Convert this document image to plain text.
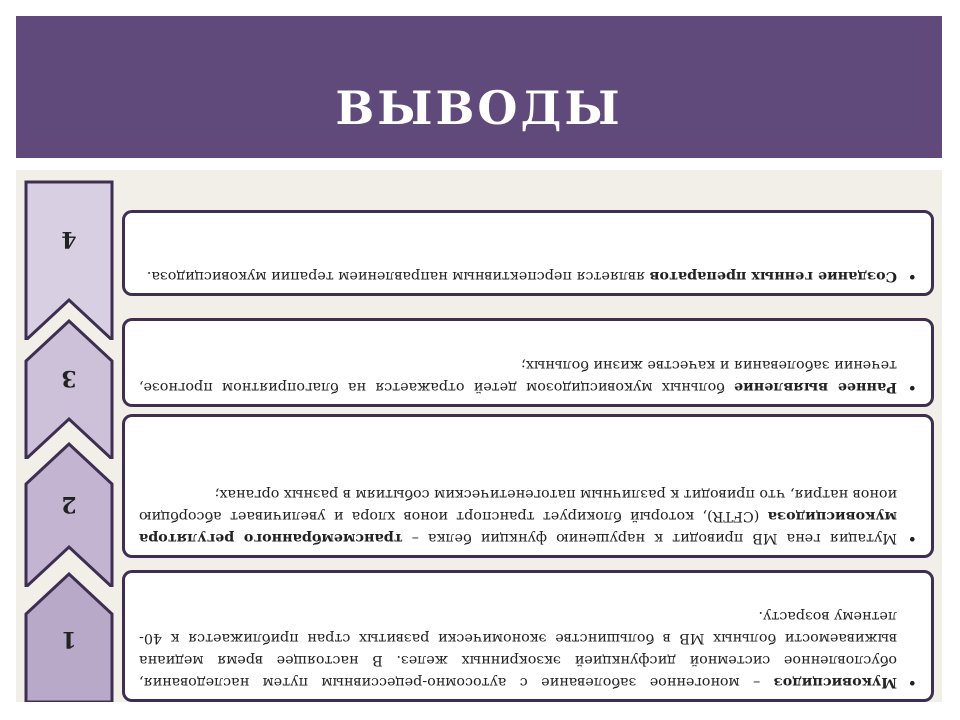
ВЫВОДЫ
1

•
Муковисцидоз – моногенное заболевание с аутосомно-рецессивным путем наследования, обусловленное системной дисфункцией экзокринных желез. В настоящее время медиана выживаемости больных МВ в большинстве экономически развитых стран приближается к 40-летнему возрасту.

2

•
Мутация гена МВ приводит к нарушению функции белка – трансмембранного регулятора муковисцидоза (CFTR), который блокирует транспорт ионов хлора и увеличивает абсорбцию ионов натрия, что приводит к различным патогенетическим событиям в разных органах;

3	•
Раннее выявление больных муковисцидозом детей отражается на благоприятном прогнозе, течении заболевания и качестве жизни больных;

4

•
Создание генных препаратов является перспективным направлением терапии муковисцидоза.
